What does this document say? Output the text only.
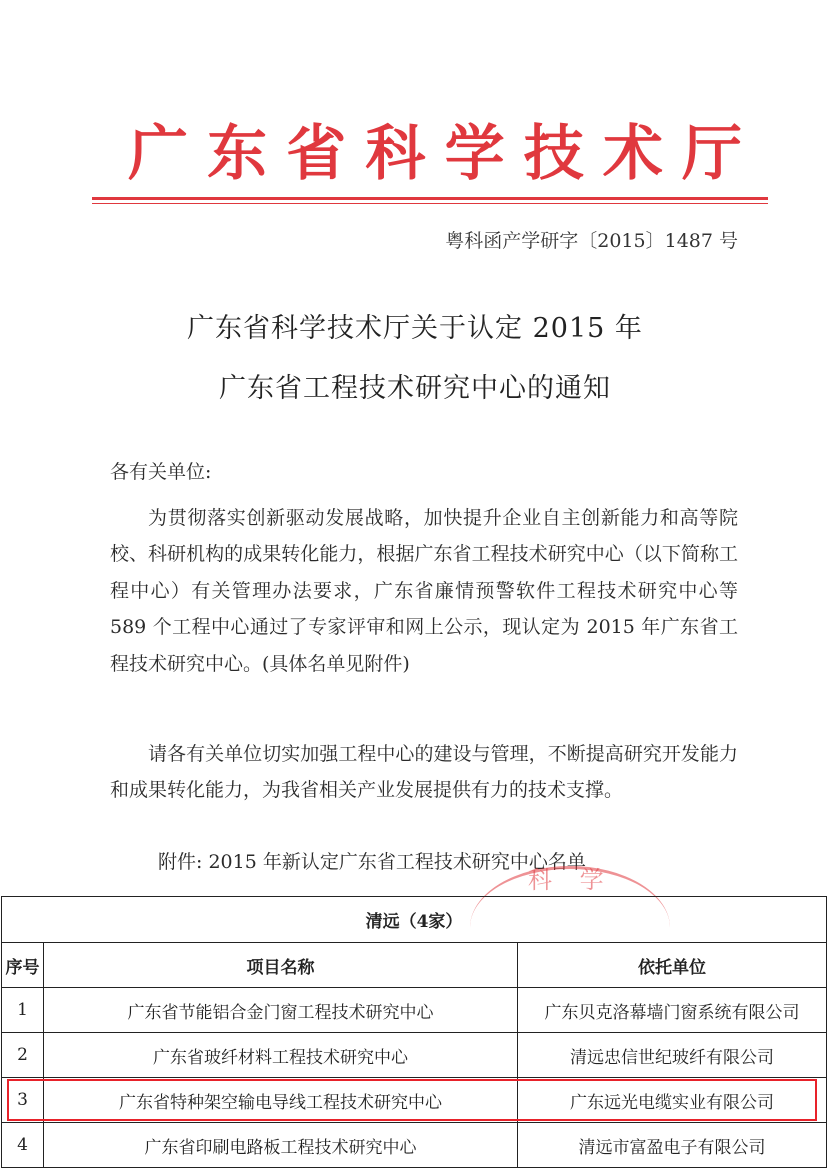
广 东 省 科 学 技 术 厅
粤科函产学研字〔2015〕1487 号
广东省科学技术厅关于认定 2015 年
广东省工程技术研究中心的通知
各有关单位:

为贯彻落实创新驱动发展战略，加快提升企业自主创新能力和高等院校、科研机构的成果转化能力，根据广东省工程技术研究中心（以下简称工程中心）有关管理办法要求，广东省廉情预警软件工程技术研究中心等 589 个工程中心通过了专家评审和网上公示，现认定为 2015 年广东省工程技术研究中心。(具体名单见附件)

请各有关单位切实加强工程中心的建设与管理，不断提高研究开发能力和成果转化能力，为我省相关产业发展提供有力的技术支撑。

附件: 2015 年新认定广东省工程技术研究中心名单
科 学
清远（4家）		
序号	项目名称	依托单位
1	广东省节能铝合金门窗工程技术研究中心	广东贝克洛幕墙门窗系统有限公司
2	广东省玻纤材料工程技术研究中心	清远忠信世纪玻纤有限公司
3	广东省特种架空输电导线工程技术研究中心	广东远光电缆实业有限公司
4	广东省印刷电路板工程技术研究中心	清远市富盈电子有限公司
